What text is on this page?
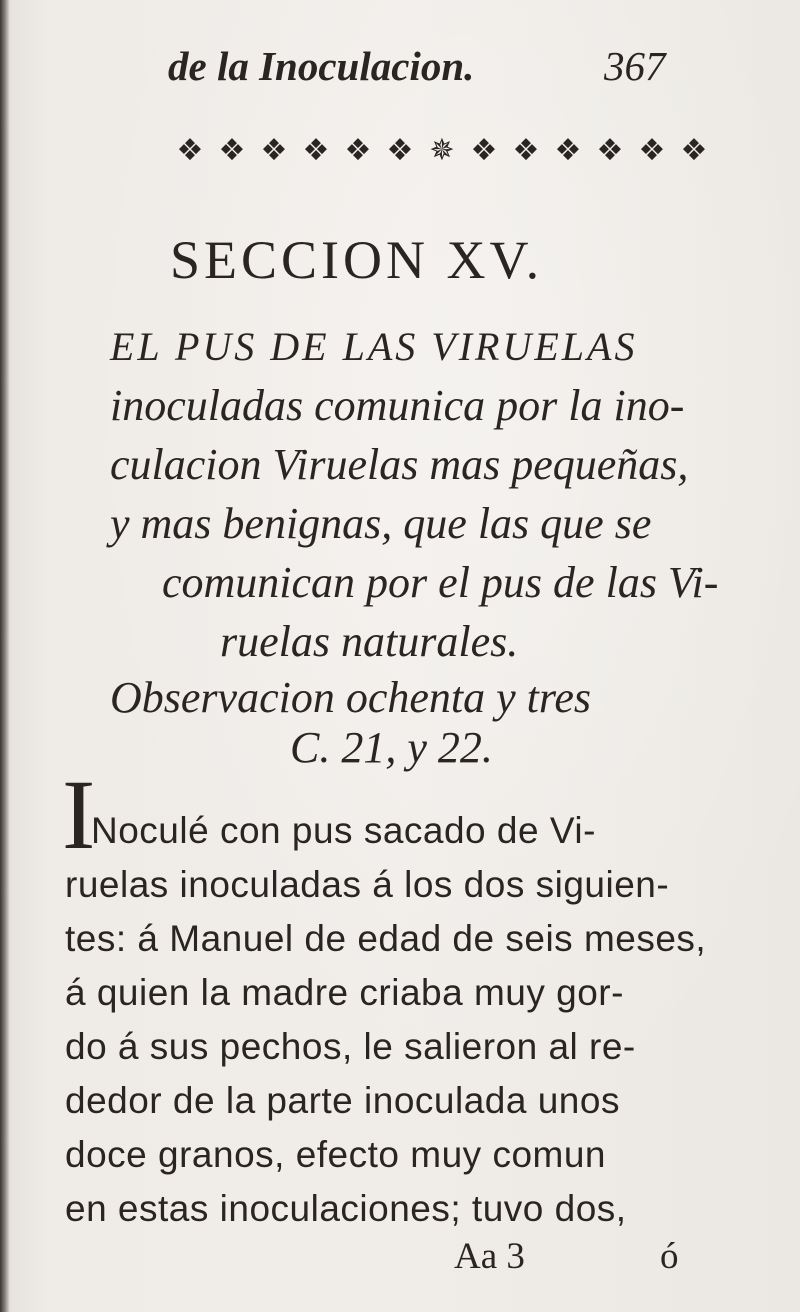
de la Inoculacion.	367
❖ ❖ ❖ ❖ ❖ ❖ ✵ ❖ ❖ ❖ ❖ ❖ ❖
SECCION XV.
EL PUS DE LAS VIRUELAS
inoculadas comunica por la ino-
culacion Viruelas mas pequeñas,
y mas benignas, que las que se
comunican por el pus de las Vi-
ruelas naturales.
Observacion ochenta y tres
C. 21, y 22.
I
Noculé con pus sacado de Vi-
ruelas inoculadas á los dos siguien-
tes: á Manuel de edad de seis meses,
á quien la madre criaba muy gor-
do á sus pechos, le salieron al re-
dedor de la parte inoculada unos
doce granos, efecto muy comun
en estas inoculaciones; tuvo dos,
Aa 3	ó
